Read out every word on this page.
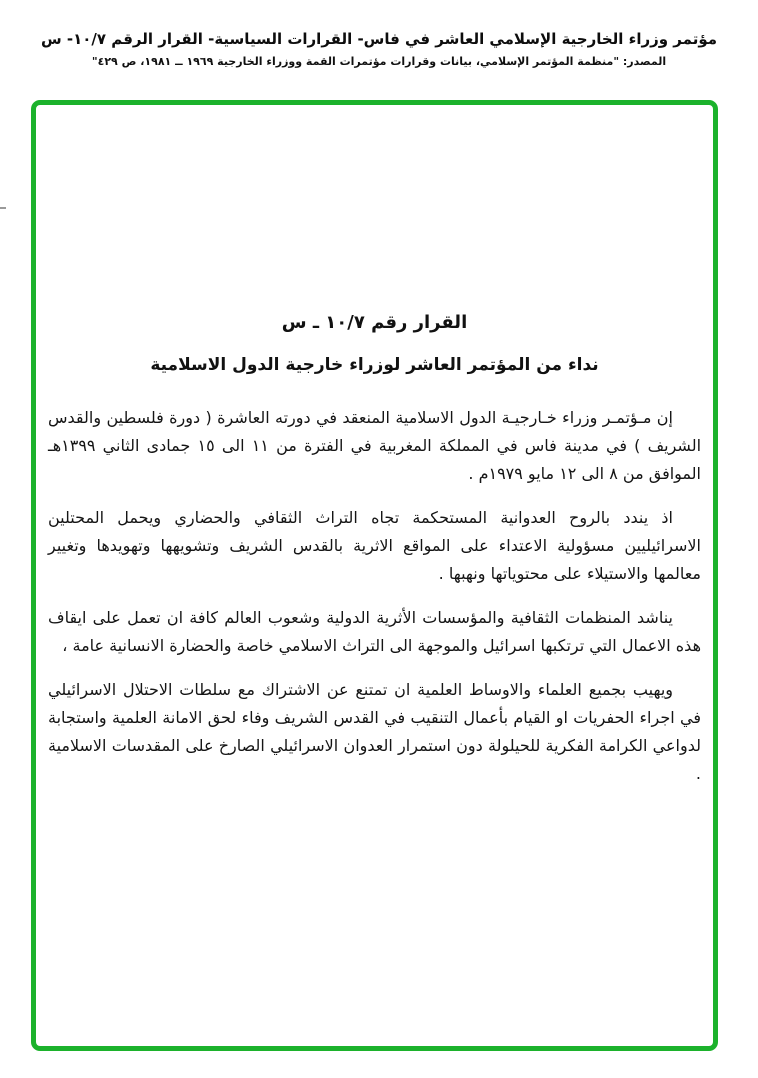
مؤتمر وزراء الخارجية الإسلامي العاشر في فاس- القرارات السياسية- القرار الرقم ١٠/٧- س
المصدر: "منظمة المؤتمر الإسلامي، بيانات وقرارات مؤتمرات القمة ووزراء الخارجية ١٩٦٩ ــ ١٩٨١، ص ٤٢٩"
القرار رقم ١٠/٧ ـ س
نداء من المؤتمر العاشر لوزراء خارجية الدول الاسلامية

إن مـؤتمـر وزراء خـارجيـة الدول الاسلامية المنعقد في دورته العاشرة ( دورة فلسطين والقدس الشريف ) في مدينة فاس في المملكة المغربية في الفترة من ١١ الى ١٥ جمادى الثاني ١٣٩٩هـ الموافق من ٨ الى ١٢ مايو ١٩٧٩م .

اذ يندد بالروح العدوانية المستحكمة تجاه التراث الثقافي والحضاري ويحمل المحتلين الاسرائيليين مسؤولية الاعتداء على المواقع الاثرية بالقدس الشريف وتشويهها وتهويدها وتغيير معالمها والاستيلاء على محتوياتها ونهبها .

يناشد المنظمات الثقافية والمؤسسات الأثرية الدولية وشعوب العالم كافة ان تعمل على ايقاف هذه الاعمال التي ترتكبها اسرائيل والموجهة الى التراث الاسلامي خاصة والحضارة الانسانية عامة ،

ويهيب بجميع العلماء والاوساط العلمية ان تمتنع عن الاشتراك مع سلطات الاحتلال الاسرائيلي في اجراء الحفريات او القيام بأعمال التنقيب في القدس الشريف وفاء لحق الامانة العلمية واستجابة لدواعي الكرامة الفكرية للحيلولة دون استمرار العدوان الاسرائيلي الصارخ على المقدسات الاسلامية .
